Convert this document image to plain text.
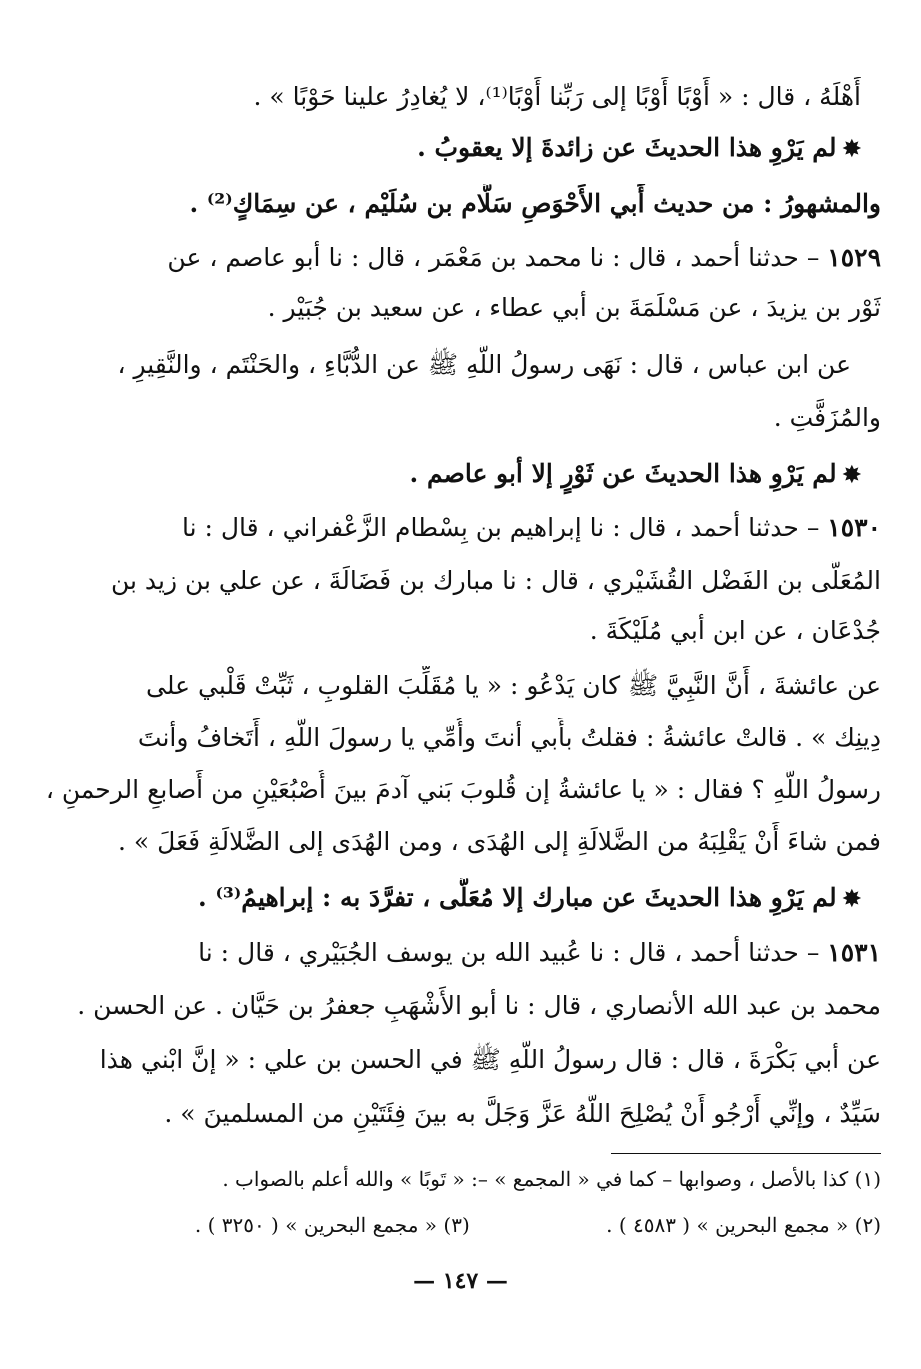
أَهْلَهُ ، قال : « أَوْبًا أَوْبًا إلى رَبِّنا أَوْبًا⁽¹⁾، لا يُغادِرُ علينا حَوْبًا » .
✸لم يَرْوِ هذا الحديثَ عن زائدةَ إلا يعقوبُ .
والمشهورُ : من حديث أَبي الأَحْوَصِ سَلَّام بن سُلَيْم ، عن سِمَاكٍ⁽²⁾ .
١٥٢٩ – حدثنا أحمد ، قال : نا محمد بن مَعْمَر ، قال : نا أبو عاصم ، عن
ثَوْر بن يزيدَ ، عن مَسْلَمَةَ بن أبي عطاء ، عن سعيد بن جُبَيْر .
عن ابن عباس ، قال : نَهَى رسولُ اللَّهِ ﷺ عن الدُّبَّاءِ ، والحَنْتَم ، والنَّقِيرِ ،
والمُزَفَّتِ .
✸لم يَرْوِ هذا الحديثَ عن ثَوْرٍ إلا أبو عاصم .
١٥٣٠ – حدثنا أحمد ، قال : نا إبراهيم بن بِسْطام الزَّعْفراني ، قال : نا
المُعَلَّى بن الفَضْل القُشَيْري ، قال : نا مبارك بن فَضَالَةَ ، عن علي بن زيد بن
جُدْعَان ، عن ابن أبي مُلَيْكَةَ .
عن عائشةَ ، أَنَّ النَّبِيَّ ﷺ كان يَدْعُو : « يا مُقَلِّبَ القلوبِ ، ثَبِّتْ قَلْبي على
دِينِك » . قالتْ عائشةُ : فقلتُ بأَبي أنتَ وأُمِّي يا رسولَ اللَّهِ ، أَتَخافُ وأنتَ
رسولُ اللَّهِ ؟ فقال : « يا عائشةُ إن قُلوبَ بَني آدمَ بينَ أُصْبُعَيْنِ من أَصابعِ الرحمنِ ،
فمن شاءَ أَنْ يَقْلِبَهُ من الضَّلالَةِ إلى الهُدَى ، ومن الهُدَى إلى الضَّلالَةِ فَعَلَ » .
✸لم يَرْوِ هذا الحديثَ عن مبارك إلا مُعَلًّى ، تفرَّدَ به : إبراهيمُ⁽³⁾ .
١٥٣١ – حدثنا أحمد ، قال : نا عُبيد الله بن يوسف الجُبَيْري ، قال : نا
محمد بن عبد الله الأنصاري ، قال : نا أبو الأَشْهَبِ جعفرُ بن حَيَّان . عن الحسن .
عن أبي بَكْرَةَ ، قال : قال رسولُ اللَّهِ ﷺ في الحسن بن علي : « إنَّ ابْني هذا
سَيِّدٌ ، وإنِّي أَرْجُو أَنْ يُصْلِحَ اللَّهُ عَزَّ وَجَلَّ به بينَ فِئَتَيْنِ من المسلمينَ » .
(١) كذا بالأصل ، وصوابها – كما في « المجمع » –: « تَوبًا » والله أعلم بالصواب .
(٢) « مجمع البحرين » ( ٤٥٨٣ ) . (٣) « مجمع البحرين » ( ٣٢٥٠ ) .
— ١٤٧ —
